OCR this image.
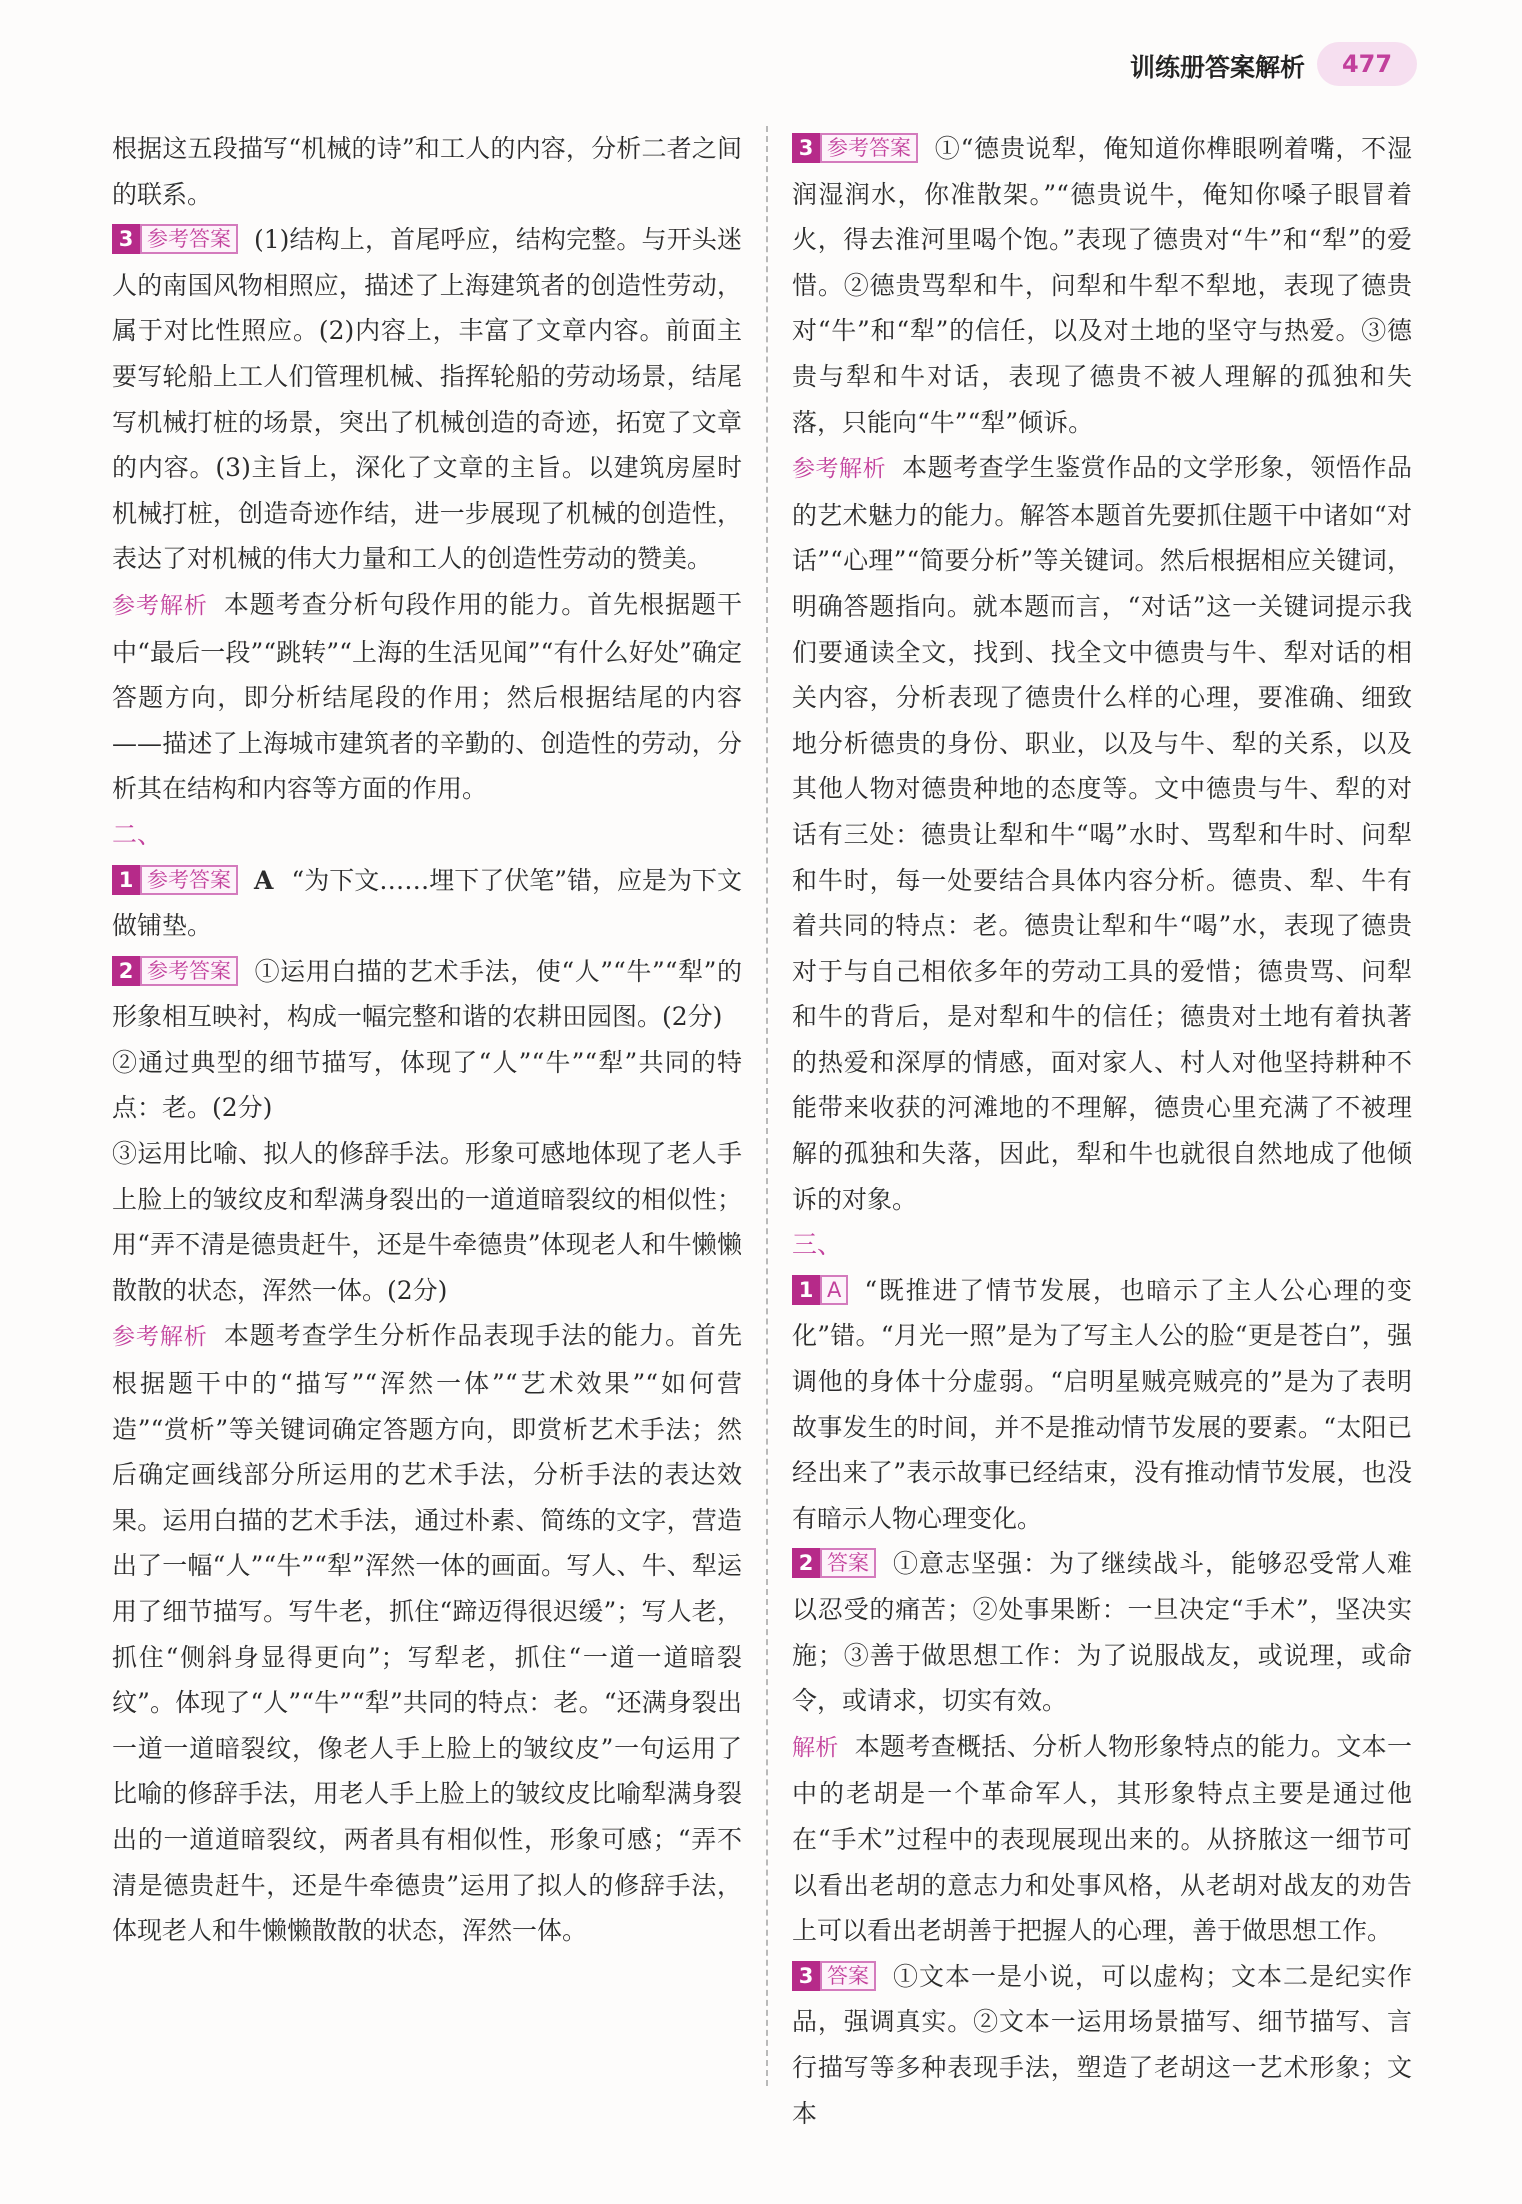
训练册答案解析	477

根据这五段描写“机械的诗”和工人的内容，分析二者之间的联系。

3 参考答案 (1)结构上，首尾呼应，结构完整。与开头迷人的南国风物相照应，描述了上海建筑者的创造性劳动，属于对比性照应。(2)内容上，丰富了文章内容。前面主要写轮船上工人们管理机械、指挥轮船的劳动场景，结尾写机械打桩的场景，突出了机械创造的奇迹，拓宽了文章的内容。(3)主旨上，深化了文章的主旨。以建筑房屋时机械打桩，创造奇迹作结，进一步展现了机械的创造性，表达了对机械的伟大力量和工人的创造性劳动的赞美。

参考解析 本题考查分析句段作用的能力。首先根据题干中“最后一段”“跳转”“上海的生活见闻”“有什么好处”确定答题方向，即分析结尾段的作用；然后根据结尾的内容——描述了上海城市建筑者的辛勤的、创造性的劳动，分析其在结构和内容等方面的作用。

二、

1 参考答案 A “为下文……埋下了伏笔”错，应是为下文做铺垫。

2 参考答案 ①运用白描的艺术手法，使“人”“牛”“犁”的形象相互映衬，构成一幅完整和谐的农耕田园图。(2分)

②通过典型的细节描写，体现了“人”“牛”“犁”共同的特点：老。(2分)

③运用比喻、拟人的修辞手法。形象可感地体现了老人手上脸上的皱纹皮和犁满身裂出的一道道暗裂纹的相似性；用“弄不清是德贵赶牛，还是牛牵德贵”体现老人和牛懒懒散散的状态，浑然一体。(2分)

参考解析 本题考查学生分析作品表现手法的能力。首先根据题干中的“描写”“浑然一体”“艺术效果”“如何营造”“赏析”等关键词确定答题方向，即赏析艺术手法；然后确定画线部分所运用的艺术手法，分析手法的表达效果。运用白描的艺术手法，通过朴素、简练的文字，营造出了一幅“人”“牛”“犁”浑然一体的画面。写人、牛、犁运用了细节描写。写牛老，抓住“蹄迈得很迟缓”；写人老，抓住“侧斜身显得更向”；写犁老，抓住“一道一道暗裂纹”。体现了“人”“牛”“犁”共同的特点：老。“还满身裂出一道一道暗裂纹，像老人手上脸上的皱纹皮”一句运用了比喻的修辞手法，用老人手上脸上的皱纹皮比喻犁满身裂出的一道道暗裂纹，两者具有相似性，形象可感；“弄不清是德贵赶牛，还是牛牵德贵”运用了拟人的修辞手法，体现老人和牛懒懒散散的状态，浑然一体。

3 参考答案 ①“德贵说犁，俺知道你榫眼咧着嘴，不湿润湿润水，你准散架。”“德贵说牛，俺知你嗓子眼冒着火，得去淮河里喝个饱。”表现了德贵对“牛”和“犁”的爱惜。②德贵骂犁和牛，问犁和牛犁不犁地，表现了德贵对“牛”和“犁”的信任，以及对土地的坚守与热爱。③德贵与犁和牛对话，表现了德贵不被人理解的孤独和失落，只能向“牛”“犁”倾诉。

参考解析 本题考查学生鉴赏作品的文学形象，领悟作品的艺术魅力的能力。解答本题首先要抓住题干中诸如“对话”“心理”“简要分析”等关键词。然后根据相应关键词，明确答题指向。就本题而言，“对话”这一关键词提示我们要通读全文，找到、找全文中德贵与牛、犁对话的相关内容，分析表现了德贵什么样的心理，要准确、细致地分析德贵的身份、职业，以及与牛、犁的关系，以及其他人物对德贵种地的态度等。文中德贵与牛、犁的对话有三处：德贵让犁和牛“喝”水时、骂犁和牛时、问犁和牛时，每一处要结合具体内容分析。德贵、犁、牛有着共同的特点：老。德贵让犁和牛“喝”水，表现了德贵对于与自己相依多年的劳动工具的爱惜；德贵骂、问犁和牛的背后，是对犁和牛的信任；德贵对土地有着执著的热爱和深厚的情感，面对家人、村人对他坚持耕种不能带来收获的河滩地的不理解，德贵心里充满了不被理解的孤独和失落，因此，犁和牛也就很自然地成了他倾诉的对象。

三、

1 A “既推进了情节发展，也暗示了主人公心理的变化”错。“月光一照”是为了写主人公的脸“更是苍白”，强调他的身体十分虚弱。“启明星贼亮贼亮的”是为了表明故事发生的时间，并不是推动情节发展的要素。“太阳已经出来了”表示故事已经结束，没有推动情节发展，也没有暗示人物心理变化。

2 答案 ①意志坚强：为了继续战斗，能够忍受常人难以忍受的痛苦；②处事果断：一旦决定“手术”，坚决实施；③善于做思想工作：为了说服战友，或说理，或命令，或请求，切实有效。

解析 本题考查概括、分析人物形象特点的能力。文本一中的老胡是一个革命军人，其形象特点主要是通过他在“手术”过程中的表现展现出来的。从挤脓这一细节可以看出老胡的意志力和处事风格，从老胡对战友的劝告上可以看出老胡善于把握人的心理，善于做思想工作。

3 答案 ①文本一是小说，可以虚构；文本二是纪实作品，强调真实。②文本一运用场景描写、细节描写、言行描写等多种表现手法，塑造了老胡这一艺术形象；文本
